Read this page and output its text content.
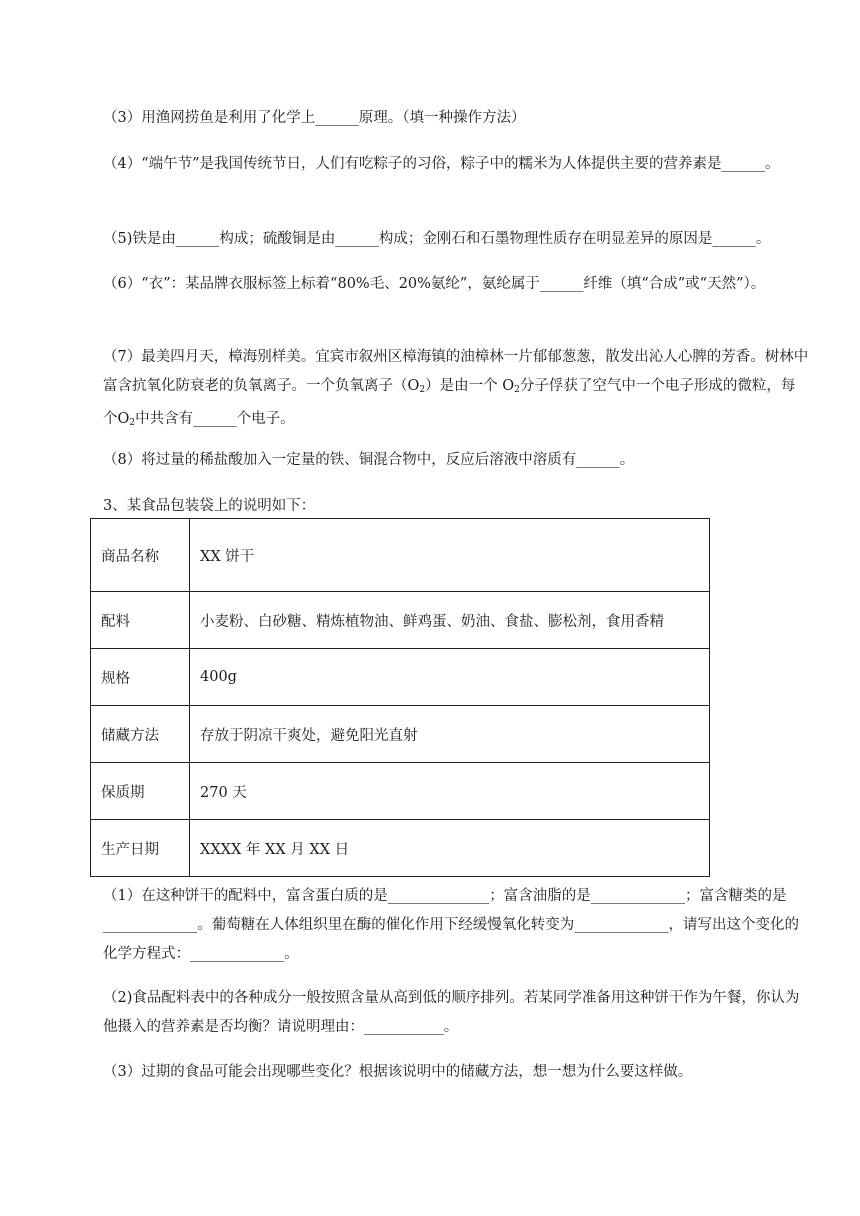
（3）用渔网捞鱼是利用了化学上______原理。（填一种操作方法）

（4）“端午节”是我国传统节日，人们有吃粽子的习俗，粽子中的糯米为人体提供主要的营养素是______。

（5)铁是由______构成；硫酸铜是由______构成；金刚石和石墨物理性质存在明显差异的原因是______。

（6）“衣”：某品牌衣服标签上标着“80%毛、20%氨纶”，氨纶属于______纤维（填“合成”或“天然”）。

（7）最美四月天，樟海别样美。宜宾市叙州区樟海镇的油樟林一片郁郁葱葱，散发出沁人心脾的芳香。树林中富含抗氧化防衰老的负氧离子。一个负氧离子$(O_2)$是由一个 $O_2$分子俘获了空气中一个电子形成的微粒，每个$O_2$中共含有______个电子。

（8）将过量的稀盐酸加入一定量的铁、铜混合物中，反应后溶液中溶质有______。

3、某食品包装袋上的说明如下：

商品名称	XX 饼干
配料	小麦粉、白砂糖、精炼植物油、鲜鸡蛋、奶油、食盐、膨松剂，食用香精
规格	400g
储藏方法	存放于阴凉干爽处，避免阳光直射
保质期	270 天
生产日期	XXXX 年 XX 月 XX 日

（1）在这种饼干的配料中，富含蛋白质的是______________；富含油脂的是_____________；富含糖类的是_____________。葡萄糖在人体组织里在酶的催化作用下经缓慢氧化转变为_____________，请写出这个变化的化学方程式：_____________。

（2)食品配料表中的各种成分一般按照含量从高到低的顺序排列。若某同学准备用这种饼干作为午餐，你认为他摄入的营养素是否均衡？请说明理由：___________。

（3）过期的食品可能会出现哪些变化？根据该说明中的储藏方法，想一想为什么要这样做。
